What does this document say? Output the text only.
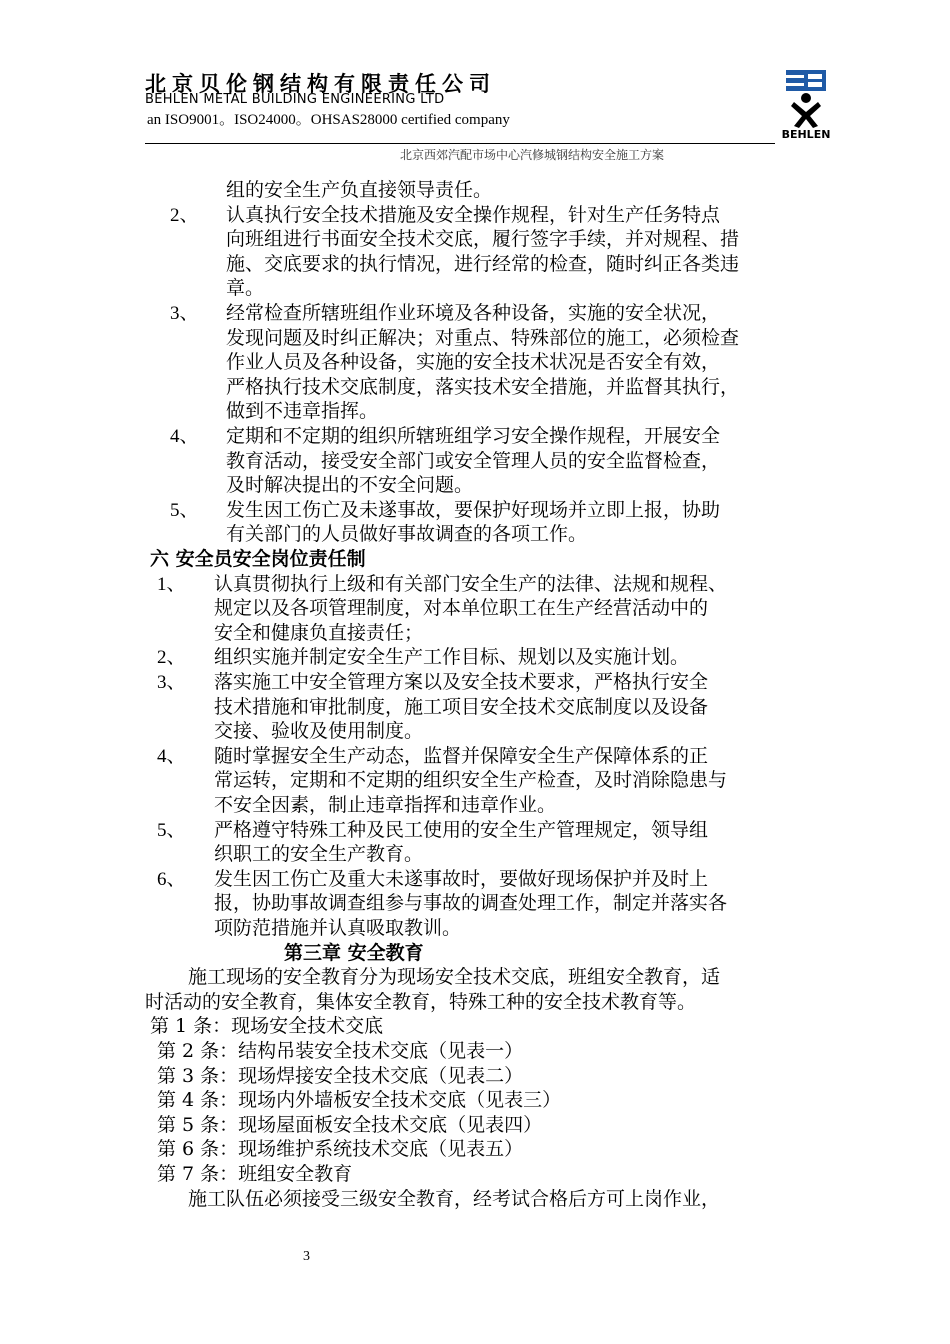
北京贝伦钢结构有限责任公司
BEHLEN METAL BUILDING ENGINEERING LTD
an ISO9001。ISO24000。OHSAS28000 certified company
北京西郊汽配市场中心汽修城钢结构安全施工方案
BEHLEN
组的安全生产负直接领导责任。
2、 认真执行安全技术措施及安全操作规程，针对生产任务特点
向班组进行书面安全技术交底，履行签字手续，并对规程、措
施、交底要求的执行情况，进行经常的检查，随时纠正各类违
章。
3、 经常检查所辖班组作业环境及各种设备，实施的安全状况，
发现问题及时纠正解决；对重点、特殊部位的施工，必须检查
作业人员及各种设备，实施的安全技术状况是否安全有效，
严格执行技术交底制度，落实技术安全措施，并监督其执行，
做到不违章指挥。
4、 定期和不定期的组织所辖班组学习安全操作规程，开展安全
教育活动，接受安全部门或安全管理人员的安全监督检查，
及时解决提出的不安全问题。
5、 发生因工伤亡及未遂事故，要保护好现场并立即上报，协助
有关部门的人员做好事故调查的各项工作。
六 安全员安全岗位责任制
1、 认真贯彻执行上级和有关部门安全生产的法律、法规和规程、
规定以及各项管理制度，对本单位职工在生产经营活动中的
安全和健康负直接责任；
2、 组织实施并制定安全生产工作目标、规划以及实施计划。
3、 落实施工中安全管理方案以及安全技术要求，严格执行安全
技术措施和审批制度，施工项目安全技术交底制度以及设备
交接、验收及使用制度。
4、 随时掌握安全生产动态，监督并保障安全生产保障体系的正
常运转，定期和不定期的组织安全生产检查，及时消除隐患与
不安全因素，制止违章指挥和违章作业。
5、 严格遵守特殊工种及民工使用的安全生产管理规定，领导组
织职工的安全生产教育。
6、 发生因工伤亡及重大未遂事故时，要做好现场保护并及时上
报，协助事故调查组参与事故的调查处理工作，制定并落实各
项防范措施并认真吸取教训。
第三章 安全教育
施工现场的安全教育分为现场安全技术交底，班组安全教育，适
时活动的安全教育，集体安全教育，特殊工种的安全技术教育等。
第 1 条：现场安全技术交底
第 2 条：结构吊装安全技术交底（见表一）
第 3 条：现场焊接安全技术交底（见表二）
第 4 条：现场内外墙板安全技术交底（见表三）
第 5 条：现场屋面板安全技术交底（见表四）
第 6 条：现场维护系统技术交底（见表五）
第 7 条：班组安全教育
施工队伍必须接受三级安全教育，经考试合格后方可上岗作业，
3
